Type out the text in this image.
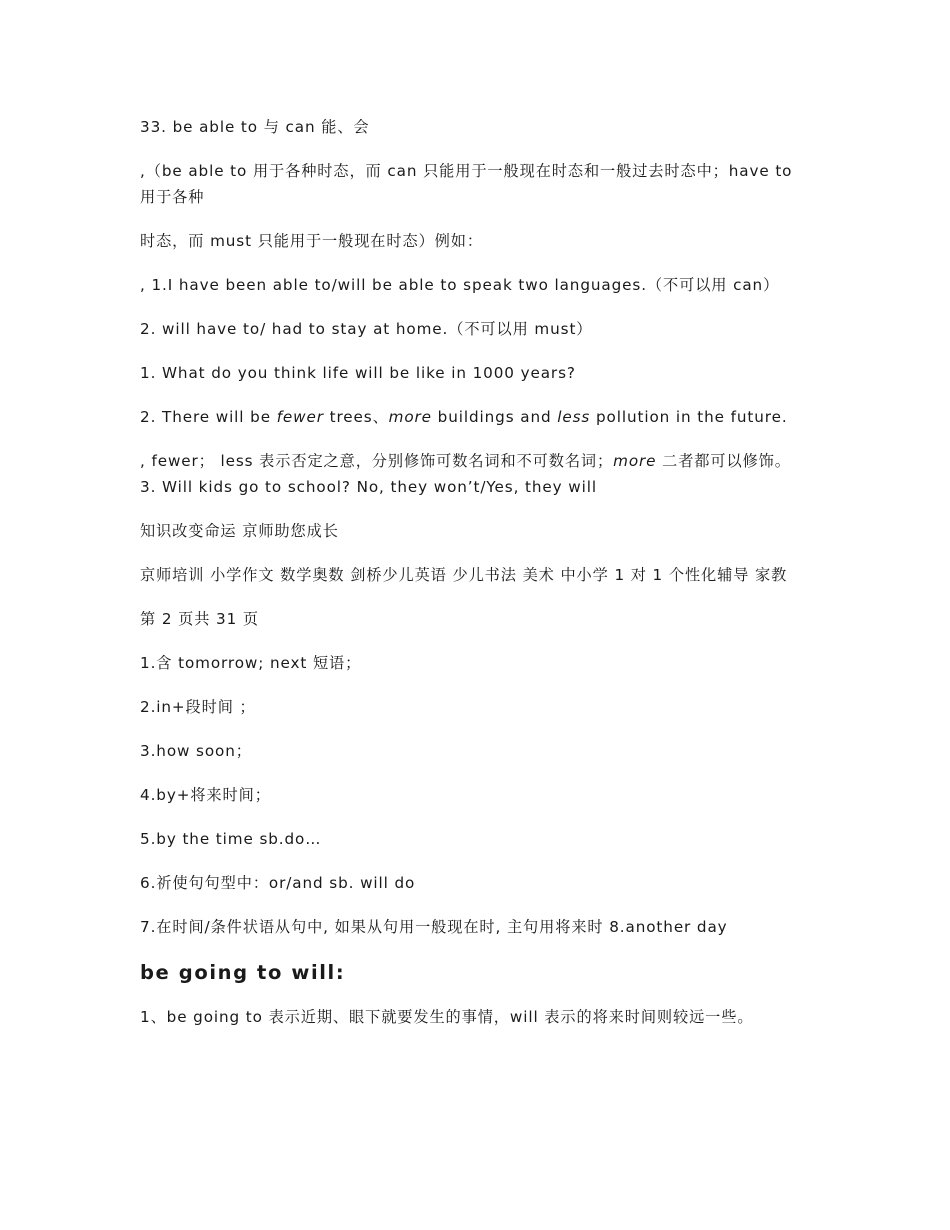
33. be able to 与 can 能、会

,（be able to 用于各种时态，而 can 只能用于一般现在时态和一般过去时态中；have to 用于各种

时态，而 must 只能用于一般现在时态）例如：

, 1.I have been able to/will be able to speak two languages.（不可以用 can）

2. will have to/ had to stay at home.（不可以用 must）

1. What do you think life will be like in 1000 years?

2. There will be fewer trees、more buildings and less pollution in the future.

, fewer； less 表示否定之意，分别修饰可数名词和不可数名词；more 二者都可以修饰。 3. Will kids go to school? No, they won’t/Yes, they will

知识改变命运 京师助您成长

京师培训 小学作文 数学奥数 剑桥少儿英语 少儿书法 美术 中小学 1 对 1 个性化辅导 家教

第 2 页共 31 页

1.含 tomorrow; next 短语；

2.in+段时间 ；

3.how soon；

4.by+将来时间；

5.by the time sb.do…

6.祈使句句型中：or/and sb. will do

7.在时间/条件状语从句中, 如果从句用一般现在时, 主句用将来时 8.another day

be going to will:

1、be going to 表示近期、眼下就要发生的事情，will 表示的将来时间则较远一些。
